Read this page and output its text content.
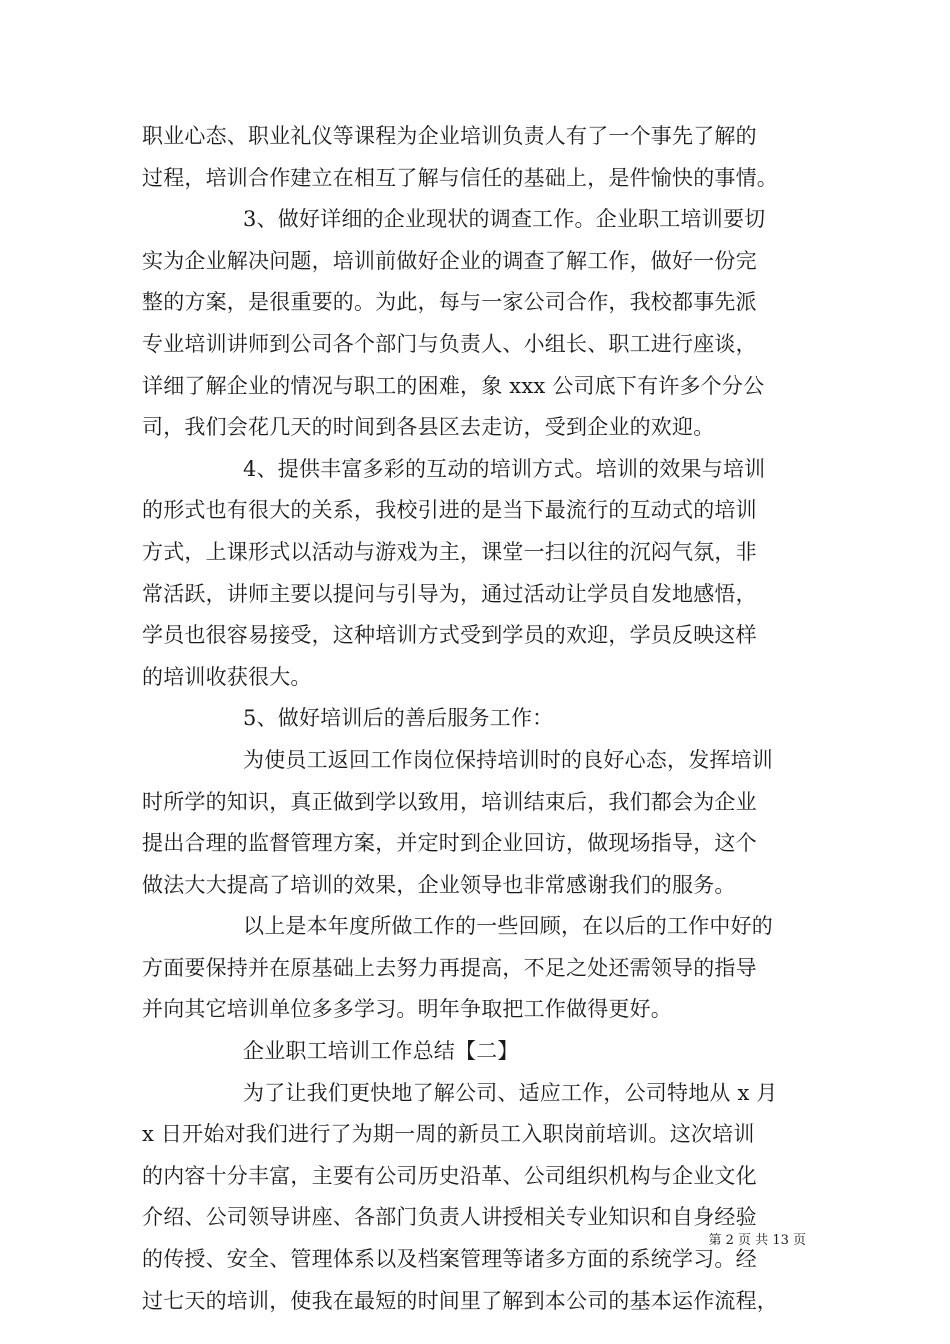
职业心态、职业礼仪等课程为企业培训负责人有了一个事先了解的
过程，培训合作建立在相互了解与信任的基础上，是件愉快的事情。
3、做好详细的企业现状的调查工作。企业职工培训要切
实为企业解决问题，培训前做好企业的调查了解工作，做好一份完
整的方案，是很重要的。为此，每与一家公司合作，我校都事先派
专业培训讲师到公司各个部门与负责人、小组长、职工进行座谈，
详细了解企业的情况与职工的困难，象 xxx 公司底下有许多个分公
司，我们会花几天的时间到各县区去走访，受到企业的欢迎。
4、提供丰富多彩的互动的培训方式。培训的效果与培训
的形式也有很大的关系，我校引进的是当下最流行的互动式的培训
方式，上课形式以活动与游戏为主，课堂一扫以往的沉闷气氛，非
常活跃，讲师主要以提问与引导为，通过活动让学员自发地感悟，
学员也很容易接受，这种培训方式受到学员的欢迎，学员反映这样
的培训收获很大。
5、做好培训后的善后服务工作：
为使员工返回工作岗位保持培训时的良好心态，发挥培训
时所学的知识，真正做到学以致用，培训结束后，我们都会为企业
提出合理的监督管理方案，并定时到企业回访，做现场指导，这个
做法大大提高了培训的效果，企业领导也非常感谢我们的服务。
以上是本年度所做工作的一些回顾，在以后的工作中好的
方面要保持并在原基础上去努力再提高，不足之处还需领导的指导
并向其它培训单位多多学习。明年争取把工作做得更好。
企业职工培训工作总结【二】
为了让我们更快地了解公司、适应工作，公司特地从 x 月
x 日开始对我们进行了为期一周的新员工入职岗前培训。这次培训
的内容十分丰富，主要有公司历史沿革、公司组织机构与企业文化
介绍、公司领导讲座、各部门负责人讲授相关专业知识和自身经验
的传授、安全、管理体系以及档案管理等诸多方面的系统学习。经
过七天的培训，使我在最短的时间里了解到本公司的基本运作流程，
第 2 页 共 13 页
